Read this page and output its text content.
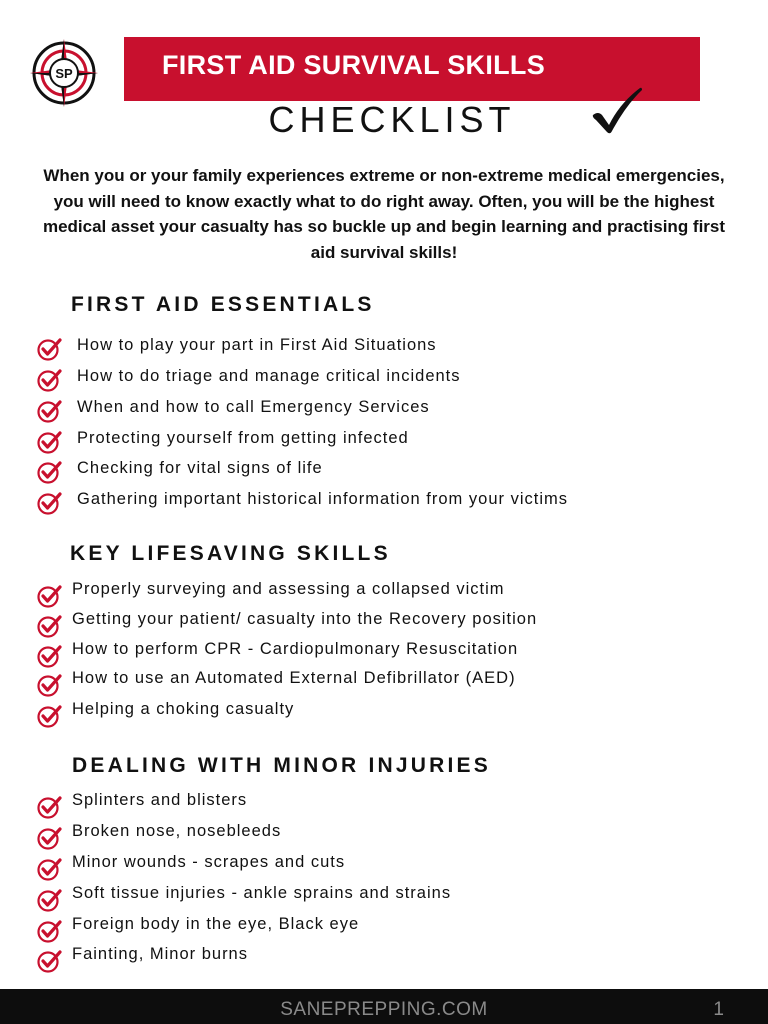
SP	FIRST AID SURVIVAL SKILLS
CHECKLIST
When you or your family experiences extreme or non-extreme medical emergencies, you will need to know exactly what to do right away. Often, you will be the highest medical asset your casualty has so buckle up and begin learning and practising first aid survival skills!
FIRST AID ESSENTIALS
How to play your part in First Aid Situations
How to do triage and manage critical incidents
When and how to call Emergency Services
Protecting yourself from getting infected
Checking for vital signs of life
Gathering important historical information from your victims
KEY LIFESAVING SKILLS
Properly surveying and assessing a collapsed victim
Getting your patient/ casualty into the Recovery position
How to perform CPR - Cardiopulmonary Resuscitation
How to use an Automated External Defibrillator (AED)
Helping a choking casualty
DEALING WITH MINOR INJURIES
Splinters and blisters
Broken nose, nosebleeds
Minor wounds - scrapes and cuts
Soft tissue injuries - ankle sprains and strains
Foreign body in the eye, Black eye
Fainting, Minor burns
SANEPREPPING.COM	1
